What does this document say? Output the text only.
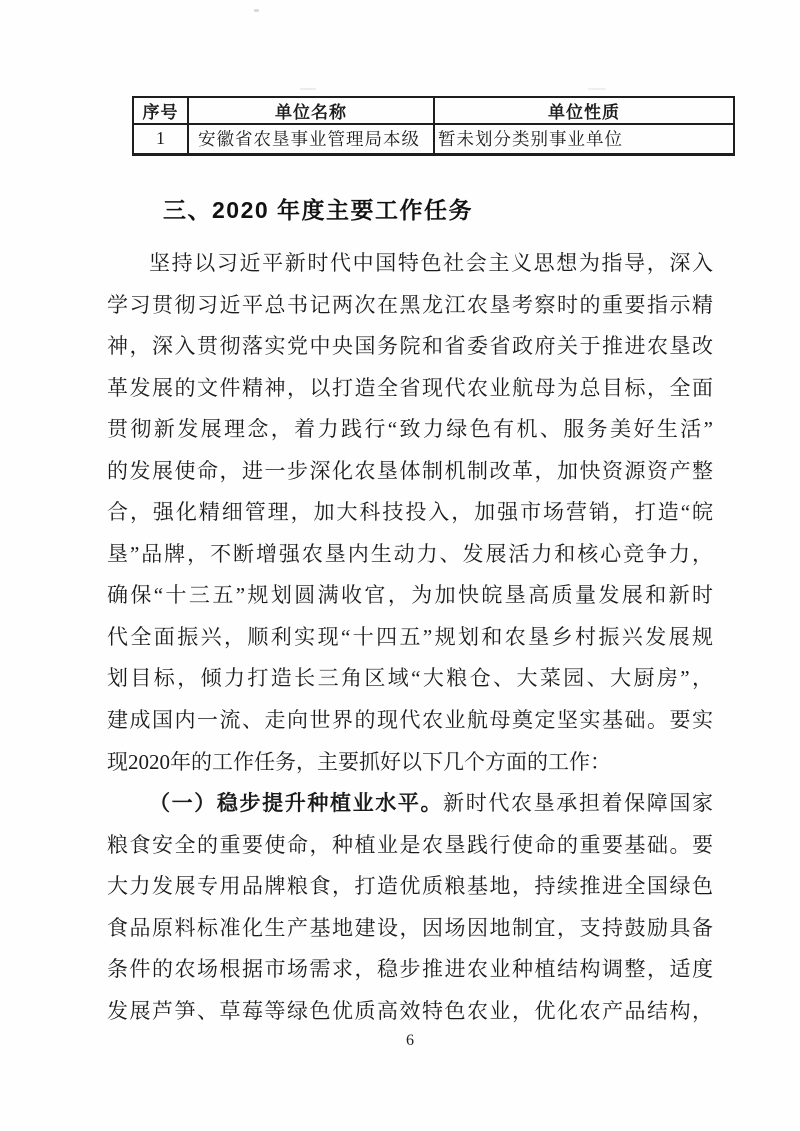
序号	单位名称	单位性质
1	安徽省农垦事业管理局本级	暂未划分类别事业单位
三、2020 年度主要工作任务
坚持以习近平新时代中国特色社会主义思想为指导，深入
学习贯彻习近平总书记两次在黑龙江农垦考察时的重要指示精
神，深入贯彻落实党中央国务院和省委省政府关于推进农垦改
革发展的文件精神，以打造全省现代农业航母为总目标，全面
贯彻新发展理念，着力践行“致力绿色有机、服务美好生活”
的发展使命，进一步深化农垦体制机制改革，加快资源资产整
合，强化精细管理，加大科技投入，加强市场营销，打造“皖
垦”品牌，不断增强农垦内生动力、发展活力和核心竞争力，
确保“十三五”规划圆满收官，为加快皖垦高质量发展和新时
代全面振兴，顺利实现“十四五”规划和农垦乡村振兴发展规
划目标，倾力打造长三角区域“大粮仓、大菜园、大厨房”，
建成国内一流、走向世界的现代农业航母奠定坚实基础。要实
现2020年的工作任务，主要抓好以下几个方面的工作：
（一）稳步提升种植业水平。新时代农垦承担着保障国家
粮食安全的重要使命，种植业是农垦践行使命的重要基础。要
大力发展专用品牌粮食，打造优质粮基地，持续推进全国绿色
食品原料标准化生产基地建设，因场因地制宜，支持鼓励具备
条件的农场根据市场需求，稳步推进农业种植结构调整，适度
发展芦笋、草莓等绿色优质高效特色农业，优化农产品结构，
6
